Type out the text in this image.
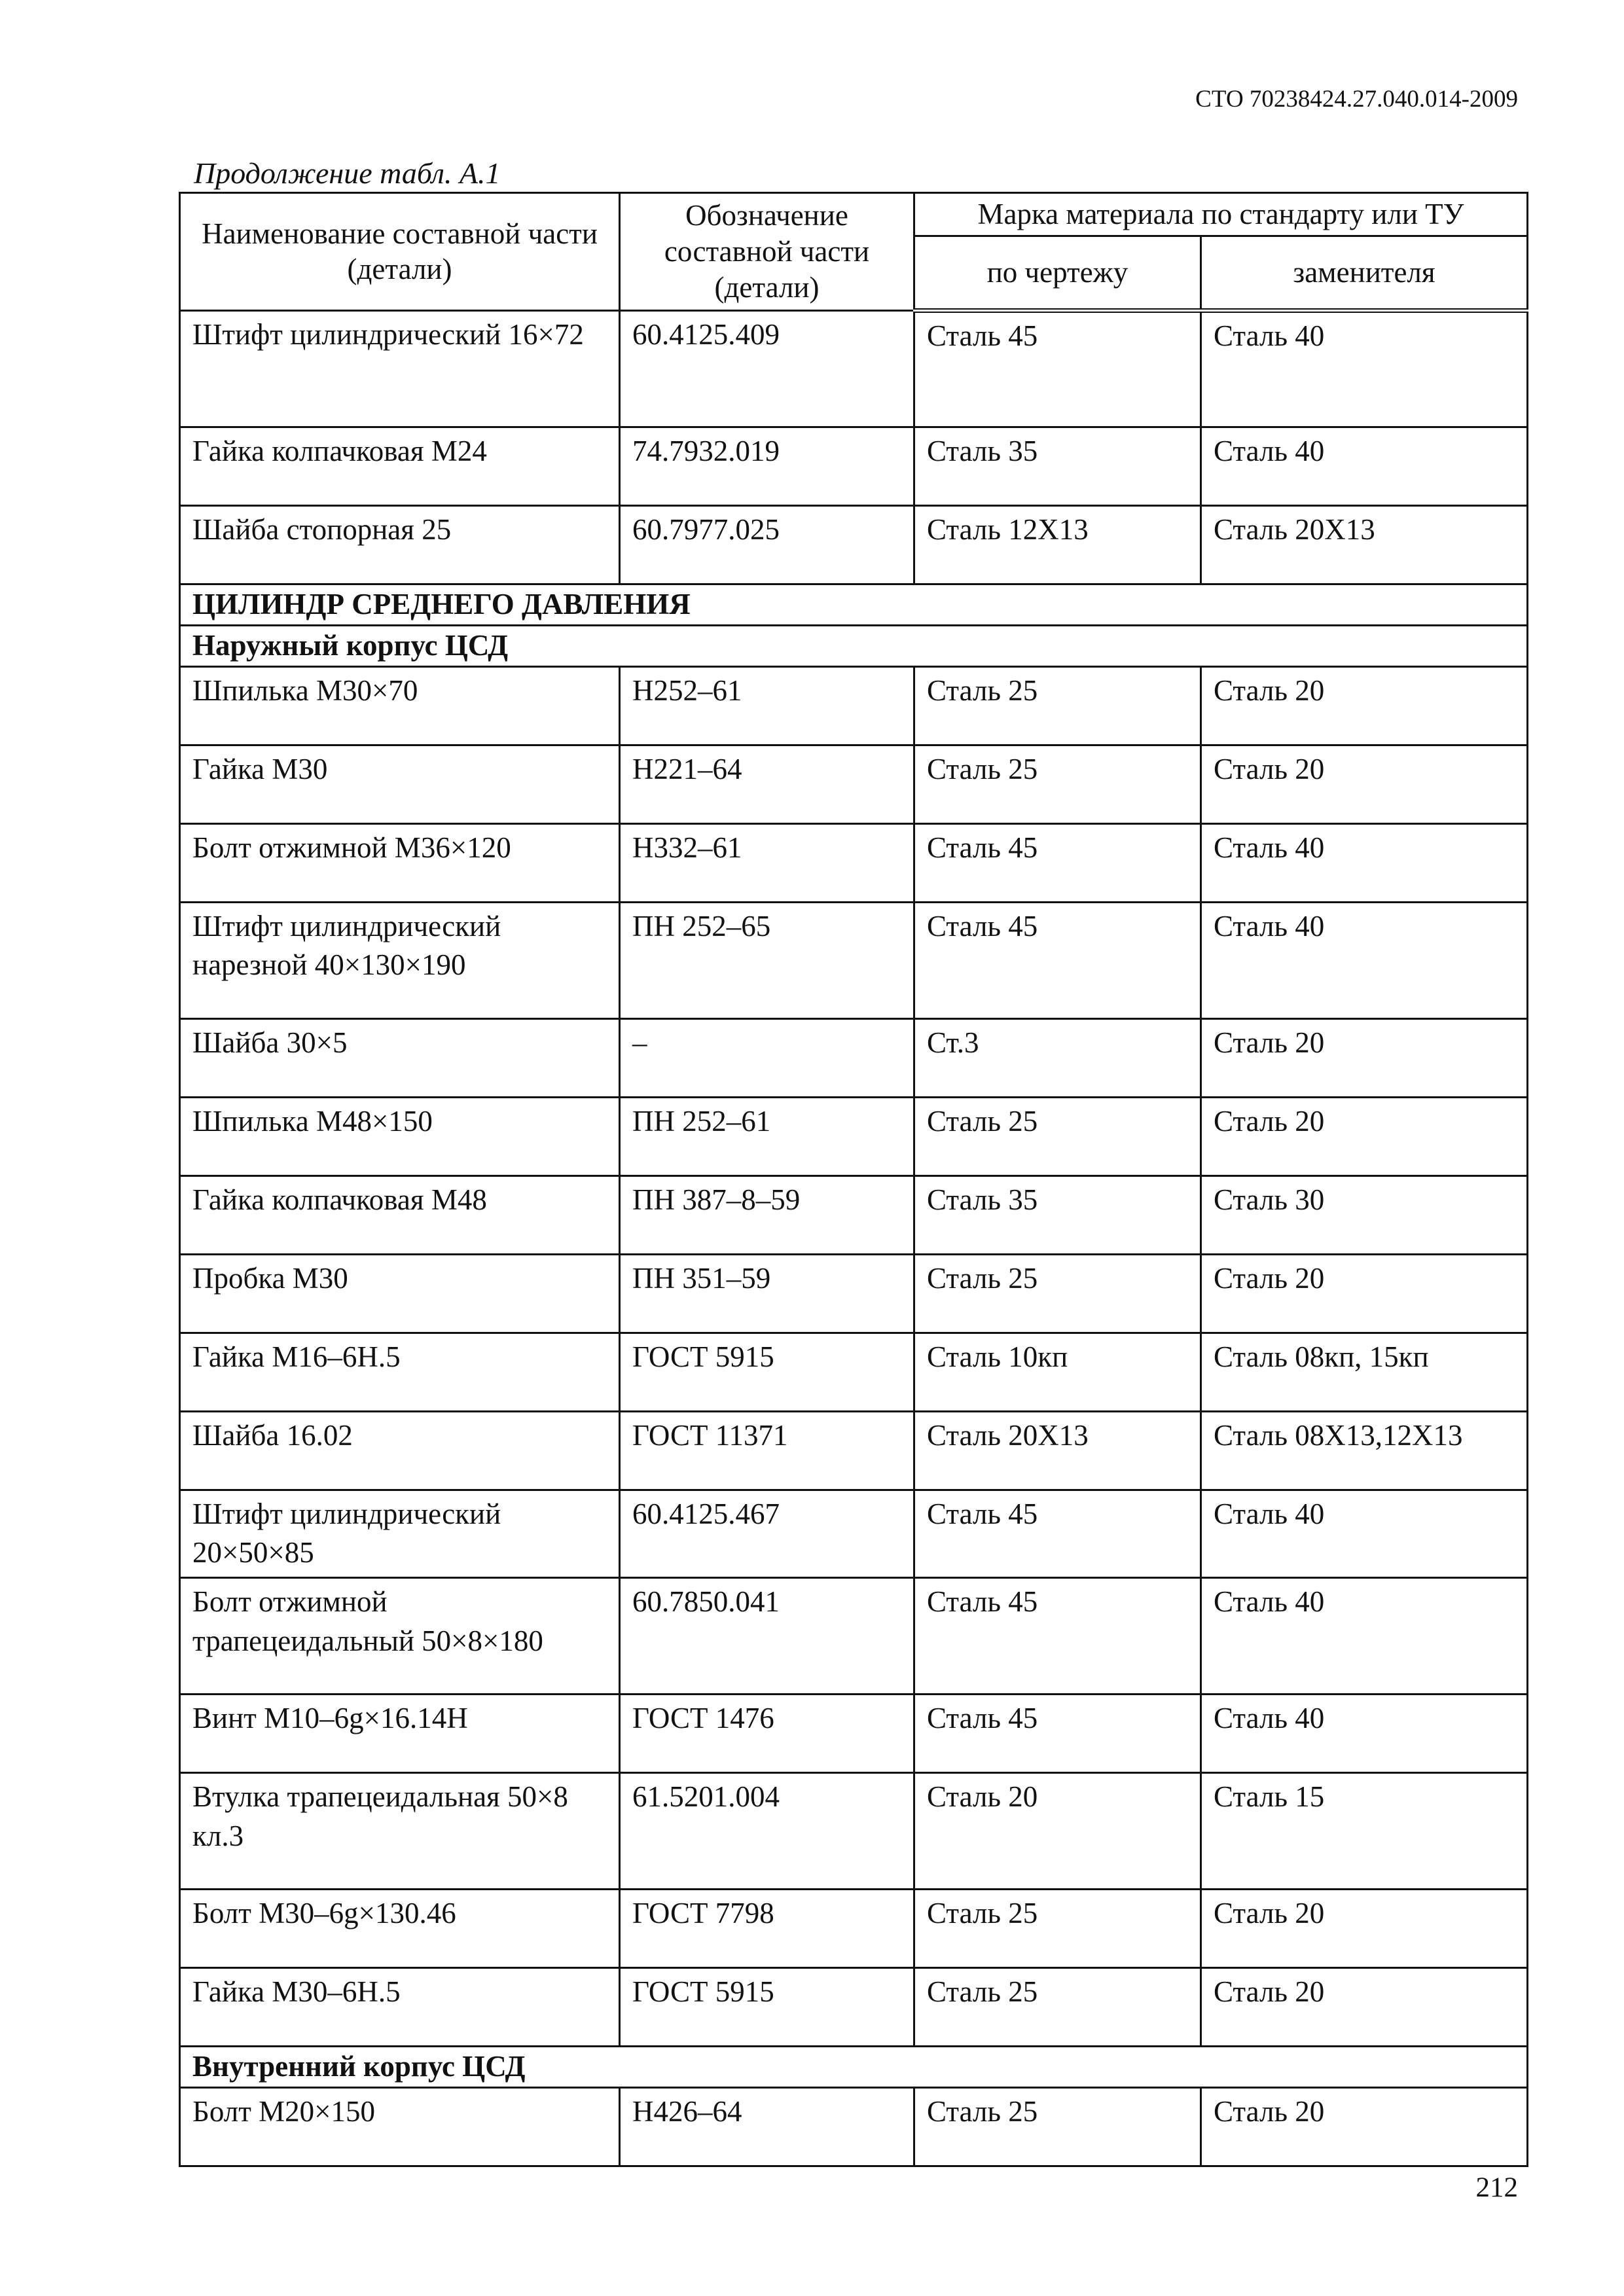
СТО 70238424.27.040.014-2009
Продолжение табл. А.1
Наименование составной части (детали)	Обозначение составной части (детали)	Марка материала по стандарту или ТУ	
		по чертежу	заменителя
Штифт цилиндрический 16×72	60.4125.409	Сталь 45	Сталь 40
Гайка колпачковая М24	74.7932.019	Сталь 35	Сталь 40
Шайба стопорная 25	60.7977.025	Сталь 12Х13	Сталь 20Х13
ЦИЛИНДР СРЕДНЕГО ДАВЛЕНИЯ			
Наружный корпус ЦСД			
Шпилька М30×70	Н252–61	Сталь 25	Сталь 20
Гайка М30	Н221–64	Сталь 25	Сталь 20
Болт отжимной М36×120	Н332–61	Сталь 45	Сталь 40
Штифт цилиндрический нарезной 40×130×190	ПН 252–65	Сталь 45	Сталь 40
Шайба 30×5	–	Ст.3	Сталь 20
Шпилька М48×150	ПН 252–61	Сталь 25	Сталь 20
Гайка колпачковая М48	ПН 387–8–59	Сталь 35	Сталь 30
Пробка М30	ПН 351–59	Сталь 25	Сталь 20
Гайка М16–6Н.5	ГОСТ 5915	Сталь 10кп	Сталь 08кп, 15кп
Шайба 16.02	ГОСТ 11371	Сталь 20Х13	Сталь 08Х13,12Х13
Штифт цилиндрический 20×50×85	60.4125.467	Сталь 45	Сталь 40
Болт отжимной трапецеидальный 50×8×180	60.7850.041	Сталь 45	Сталь 40
Винт М10–6g×16.14Н	ГОСТ 1476	Сталь 45	Сталь 40
Втулка трапецеидальная 50×8 кл.3	61.5201.004	Сталь 20	Сталь 15
Болт М30–6g×130.46	ГОСТ 7798	Сталь 25	Сталь 20
Гайка М30–6Н.5	ГОСТ 5915	Сталь 25	Сталь 20
Внутренний корпус ЦСД			
Болт М20×150	Н426–64	Сталь 25	Сталь 20
212
